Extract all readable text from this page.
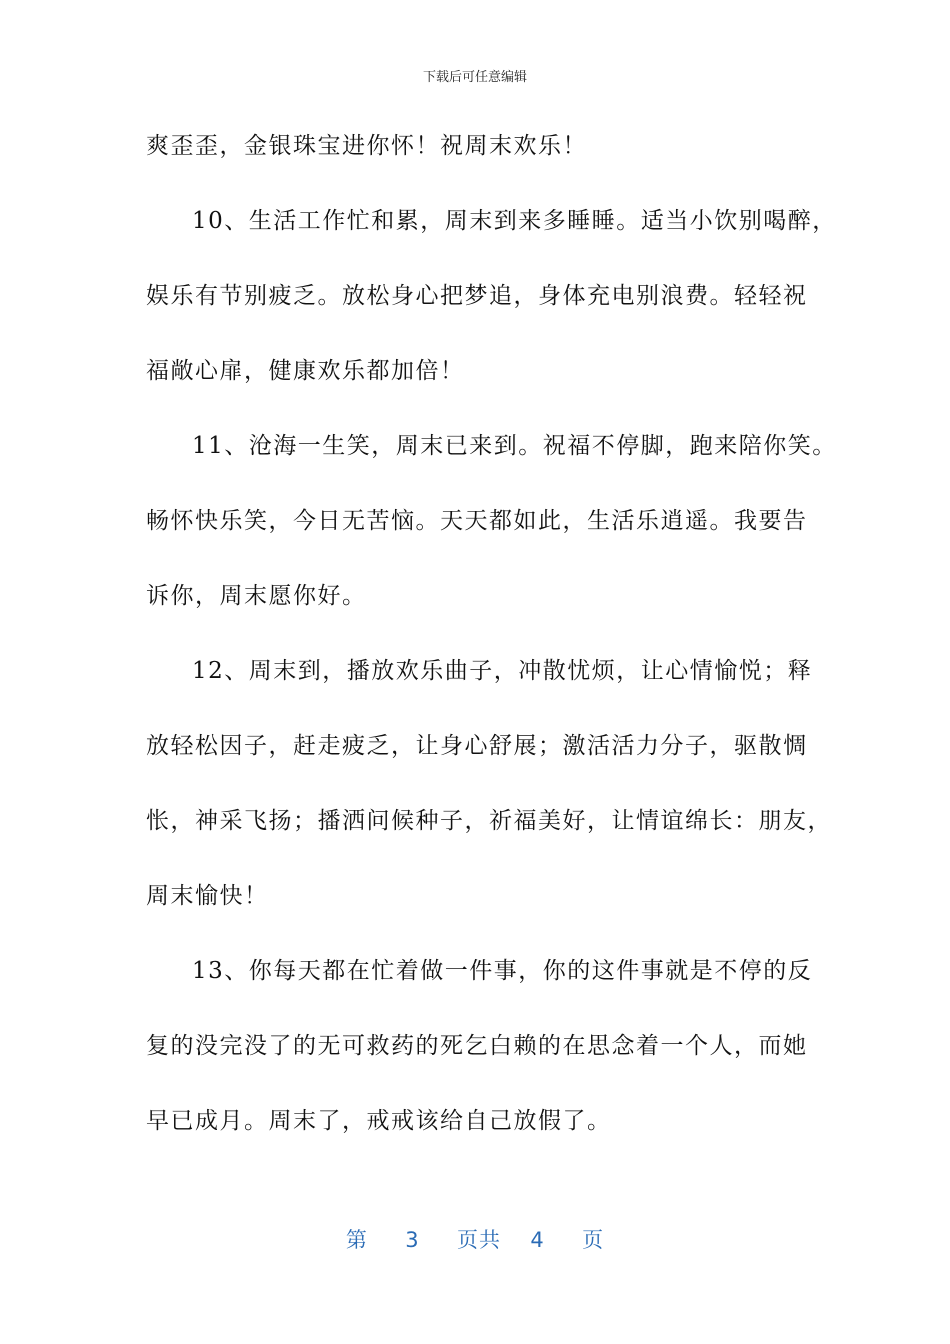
下载后可任意编辑
爽歪歪，金银珠宝进你怀！祝周末欢乐！
10、生活工作忙和累，周末到来多睡睡。适当小饮别喝醉，
娱乐有节别疲乏。放松身心把梦追，身体充电别浪费。轻轻祝
福敞心扉，健康欢乐都加倍！
11、沧海一生笑，周末已来到。祝福不停脚，跑来陪你笑。
畅怀快乐笑，今日无苦恼。天天都如此，生活乐逍遥。我要告
诉你，周末愿你好。
12、周末到，播放欢乐曲子，冲散忧烦，让心情愉悦；释
放轻松因子，赶走疲乏，让身心舒展；激活活力分子，驱散惆
怅，神采飞扬；播洒问候种子，祈福美好，让情谊绵长：朋友，
周末愉快！
13、你每天都在忙着做一件事，你的这件事就是不停的反
复的没完没了的无可救药的死乞白赖的在思念着一个人，而她
早已成月。周末了，戒戒该给自己放假了。
第 3 页共 4 页
